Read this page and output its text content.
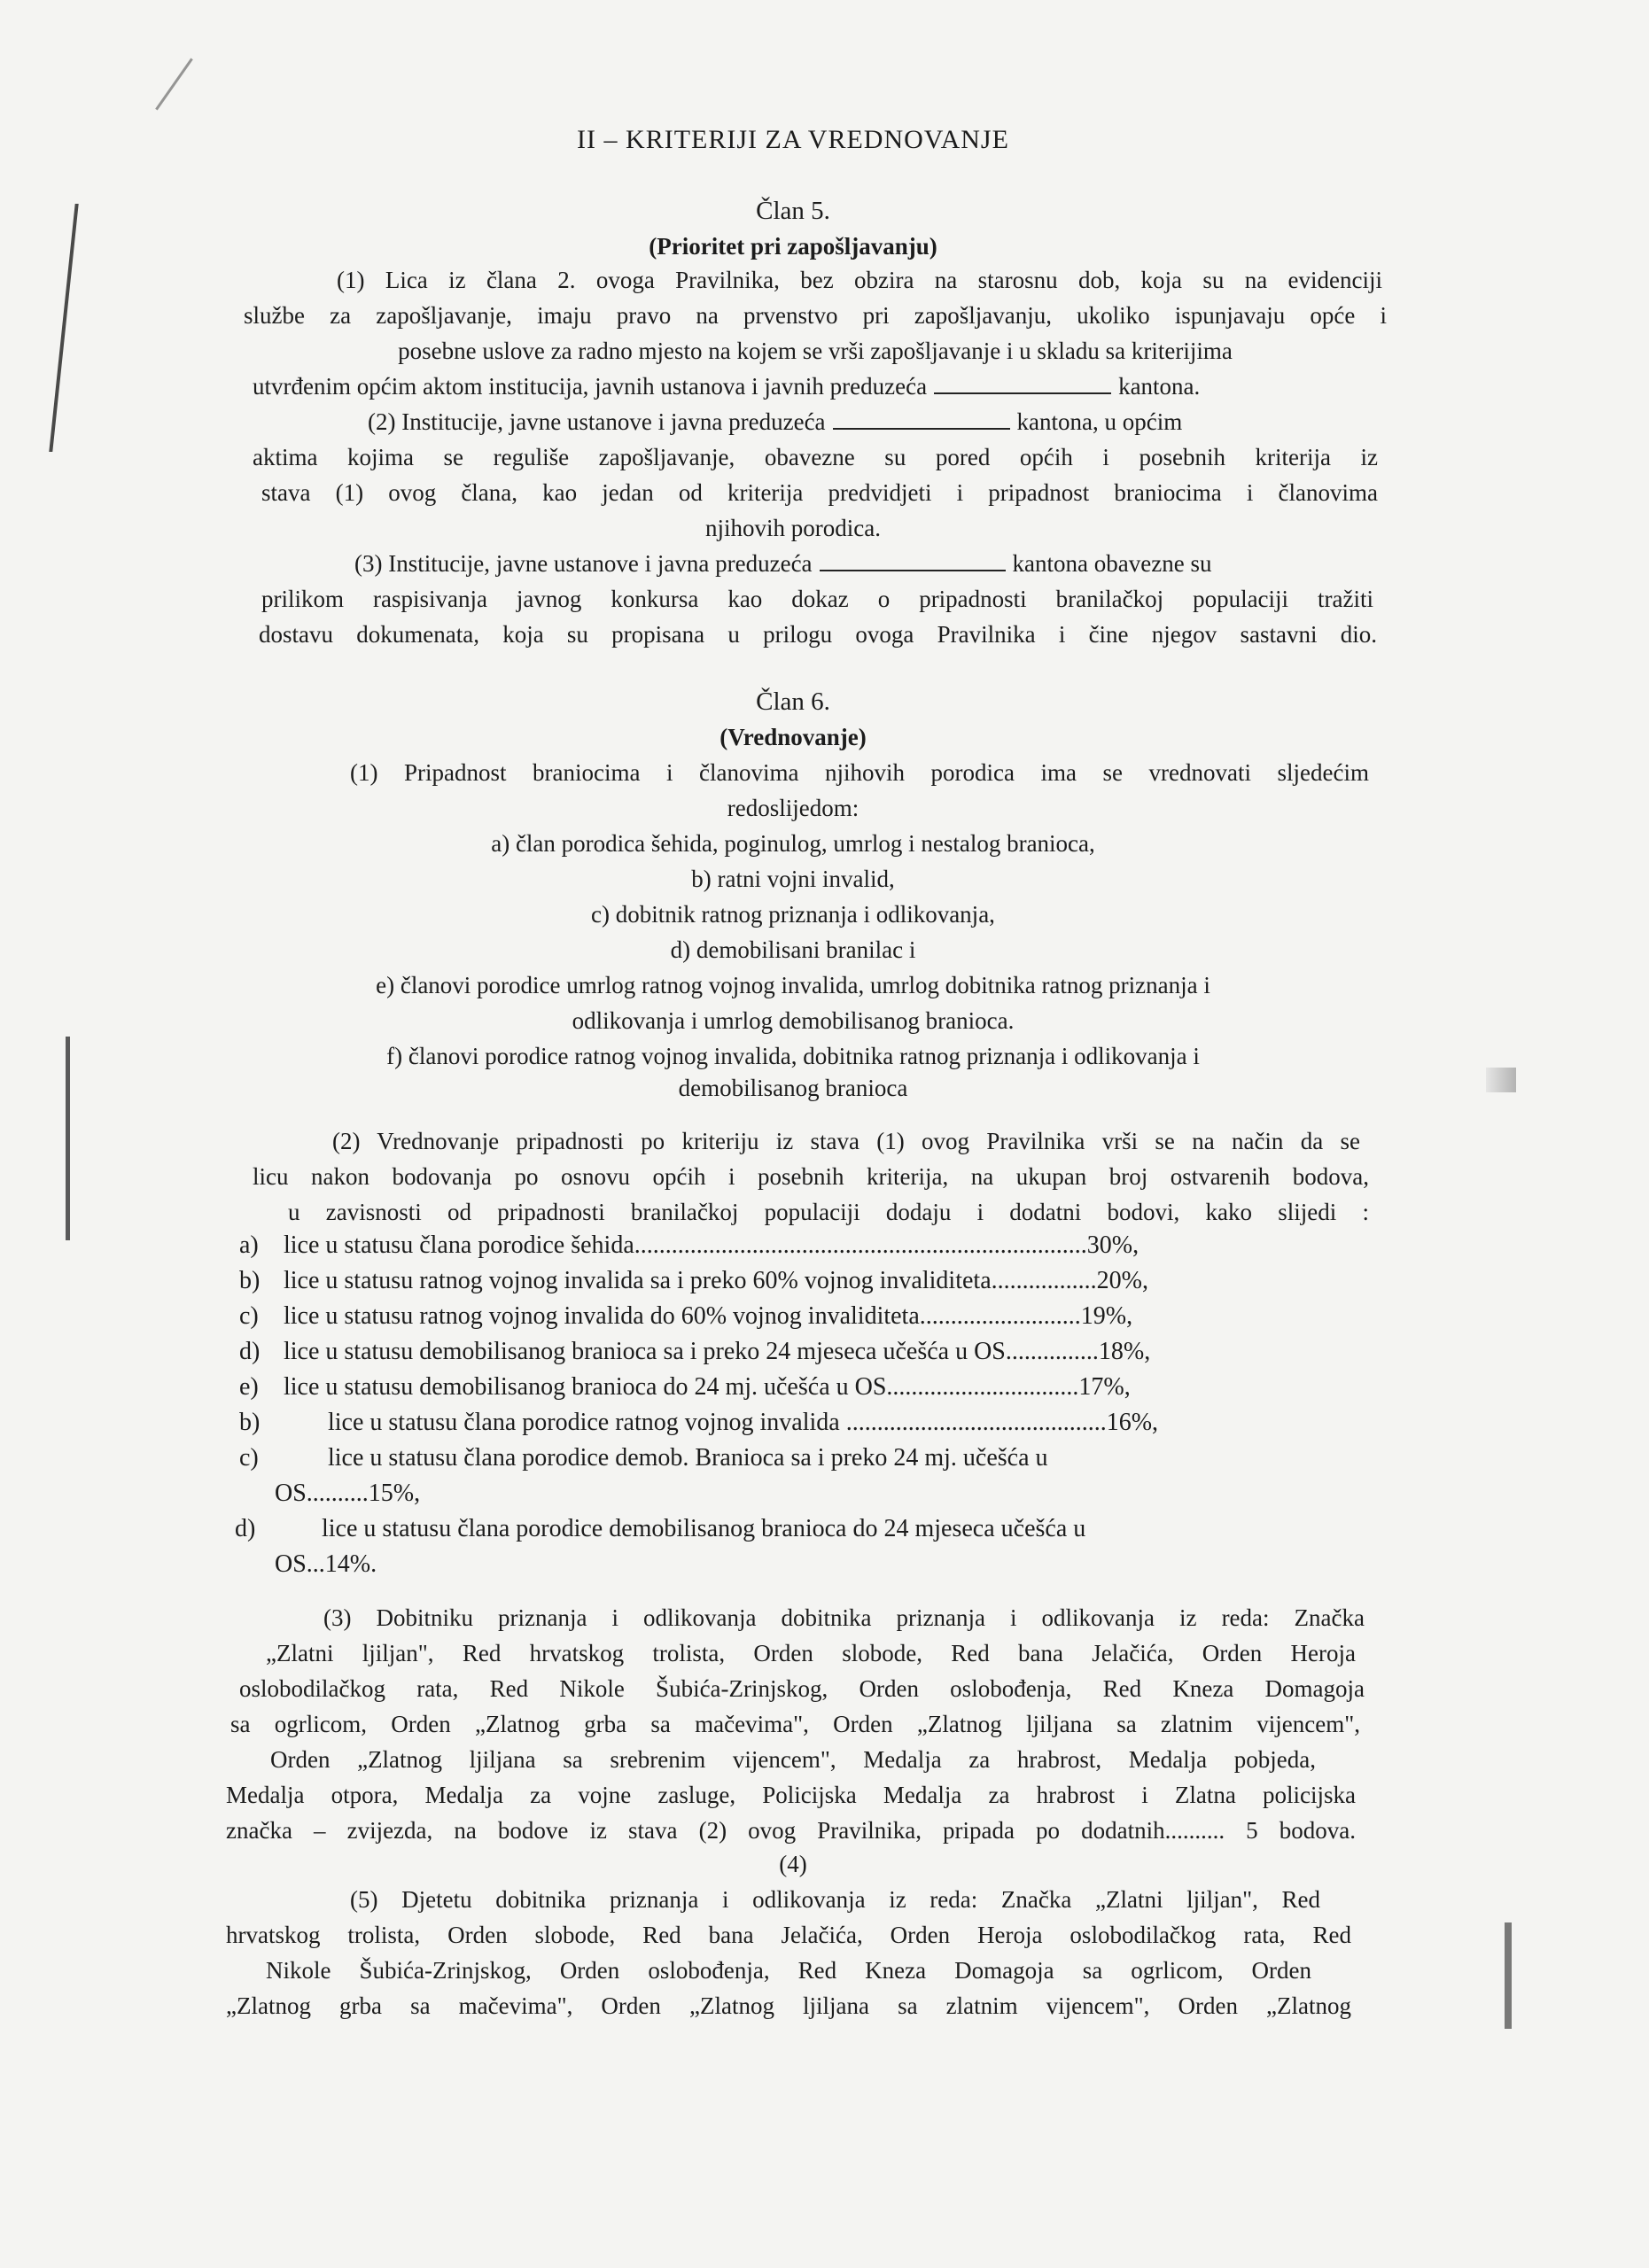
II – KRITERIJI ZA VREDNOVANJE
Član 5.
(Prioritet pri zapošljavanju)
(1) Lica iz člana 2. ovoga Pravilnika, bez obzira na starosnu dob, koja su na evidenciji
službe za zapošljavanje, imaju pravo na prvenstvo pri zapošljavanju, ukoliko ispunjavaju opće i
posebne uslove za radno mjesto na kojem se vrši zapošljavanje i u skladu sa kriterijima
utvrđenim općim aktom institucija, javnih ustanova i javnih preduzeća	kantona.
(2) Institucije, javne ustanove i javna preduzeća	kantona, u općim
aktima kojima se reguliše zapošljavanje, obavezne su pored općih i posebnih kriterija iz
stava (1) ovog člana, kao jedan od kriterija predvidjeti i pripadnost braniocima i članovima
njihovih porodica.
(3) Institucije, javne ustanove i javna preduzeća	kantona obavezne su
prilikom raspisivanja javnog konkursa kao dokaz o pripadnosti branilačkoj populaciji tražiti
dostavu dokumenata, koja su propisana u prilogu ovoga Pravilnika i čine njegov sastavni dio.
Član 6.
(Vrednovanje)
(1) Pripadnost braniocima i članovima njihovih porodica ima se vrednovati sljedećim
redoslijedom:
a) član porodica šehida, poginulog, umrlog i nestalog branioca,
b) ratni vojni invalid,
c) dobitnik ratnog priznanja i odlikovanja,
d) demobilisani branilac i
e) članovi porodice umrlog ratnog vojnog invalida, umrlog dobitnika ratnog priznanja i
odlikovanja i umrlog demobilisanog branioca.
f) članovi porodice ratnog vojnog invalida, dobitnika ratnog priznanja i odlikovanja i
demobilisanog branioca
(2) Vrednovanje pripadnosti po kriteriju iz stava (1) ovog Pravilnika vrši se na način da se
licu nakon bodovanja po osnovu općih i posebnih kriterija, na ukupan broj ostvarenih bodova,
u zavisnosti od pripadnosti branilačkoj populaciji dodaju i dodatni bodovi, kako slijedi :
a) lice u statusu člana porodice šehida.........................................................................30%,
b) lice u statusu ratnog vojnog invalida sa i preko 60% vojnog invaliditeta.................20%,
c) lice u statusu ratnog vojnog invalida do 60% vojnog invaliditeta..........................19%,
d) lice u statusu demobilisanog branioca sa i preko 24 mjeseca učešća u OS...............18%,
e) lice u statusu demobilisanog branioca do 24 mj. učešća u OS...............................17%,
b)	lice u statusu člana porodice ratnog vojnog invalida ..........................................16%,
c)	lice u statusu člana porodice demob. Branioca sa i preko 24 mj. učešća u
OS..........15%,
d)	lice u statusu člana porodice demobilisanog branioca do 24 mjeseca učešća u
OS...14%.
(3) Dobitniku priznanja i odlikovanja dobitnika priznanja i odlikovanja iz reda: Značka
„Zlatni ljiljan", Red hrvatskog trolista, Orden slobode, Red bana Jelačića, Orden Heroja
oslobodilačkog rata, Red Nikole Šubića-Zrinjskog, Orden oslobođenja, Red Kneza Domagoja
sa ogrlicom, Orden „Zlatnog grba sa mačevima", Orden „Zlatnog ljiljana sa zlatnim vijencem",
Orden „Zlatnog ljiljana sa srebrenim vijencem", Medalja za hrabrost, Medalja pobjeda,
Medalja otpora, Medalja za vojne zasluge, Policijska Medalja za hrabrost i Zlatna policijska
značka – zvijezda, na bodove iz stava (2) ovog Pravilnika, pripada po dodatnih.......... 5 bodova.
(4)
(5) Djetetu dobitnika priznanja i odlikovanja iz reda: Značka „Zlatni ljiljan", Red
hrvatskog trolista, Orden slobode, Red bana Jelačića, Orden Heroja oslobodilačkog rata, Red
Nikole Šubića-Zrinjskog, Orden oslobođenja, Red Kneza Domagoja sa ogrlicom, Orden
„Zlatnog grba sa mačevima", Orden „Zlatnog ljiljana sa zlatnim vijencem", Orden „Zlatnog
